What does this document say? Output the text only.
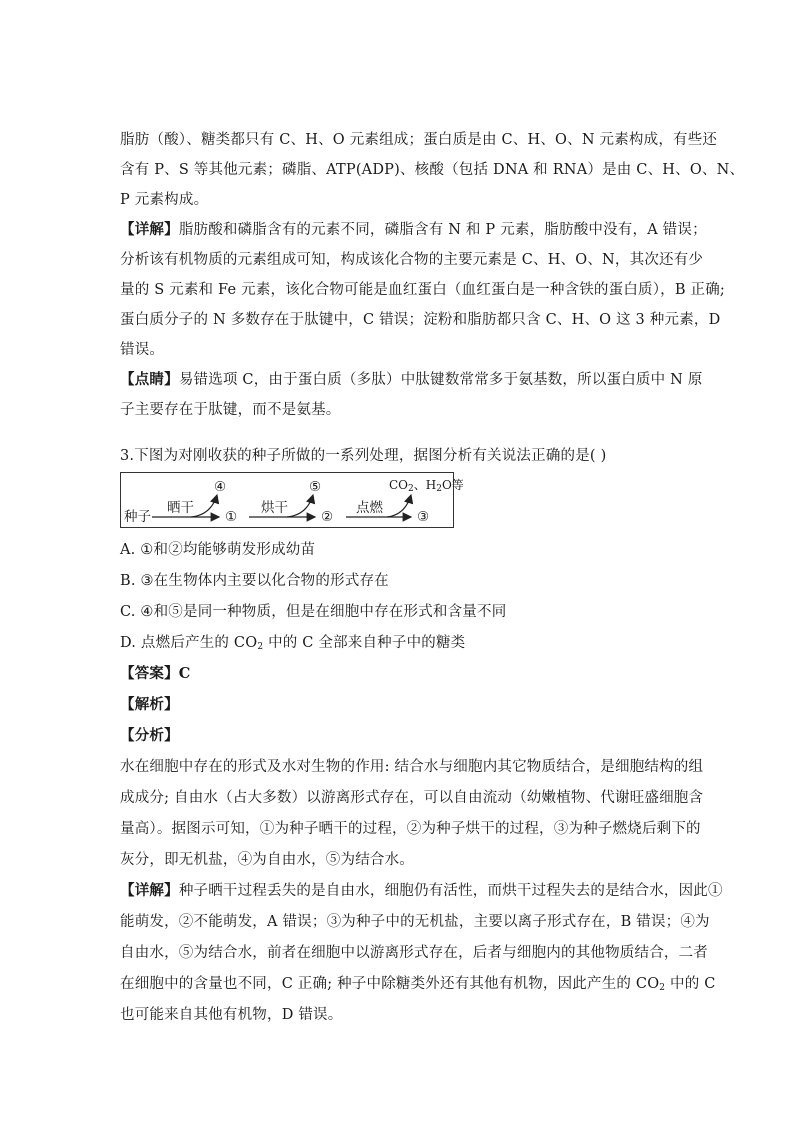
脂肪（酸）、糖类都只有 C、H、O 元素组成；蛋白质是由 C、H、O、N 元素构成，有些还
含有 P、S 等其他元素；磷脂、ATP(ADP)、核酸（包括 DNA 和 RNA）是由 C、H、O、N、
P 元素构成。
【详解】脂肪酸和磷脂含有的元素不同，磷脂含有 N 和 P 元素，脂肪酸中没有，A 错误；
分析该有机物质的元素组成可知，构成该化合物的主要元素是 C、H、O、N，其次还有少
量的 S 元素和 Fe 元素，该化合物可能是血红蛋白（血红蛋白是一种含铁的蛋白质），B 正确;
蛋白质分子的 N 多数存在于肽键中，C 错误；淀粉和脂肪都只含 C、H、O 这 3 种元素，D
错误。
【点睛】易错选项 C，由于蛋白质（多肽）中肽键数常常多于氨基数，所以蛋白质中 N 原
子主要存在于肽键，而不是氨基。
3.下图为对刚收获的种子所做的一系列处理，据图分析有关说法正确的是( )
种子
晒干
①
④
烘干
②
⑤
点燃
③
$CO_2$、$H_2O$等
A. ①和②均能够萌发形成幼苗
B. ③在生物体内主要以化合物的形式存在
C. ④和⑤是同一种物质，但是在细胞中存在形式和含量不同
D. 点燃后产生的 $CO_2$ 中的 C 全部来自种子中的糖类
【答案】C
【解析】
【分析】
水在细胞中存在的形式及水对生物的作用: 结合水与细胞内其它物质结合，是细胞结构的组
成成分; 自由水（占大多数）以游离形式存在，可以自由流动（幼嫩植物、代谢旺盛细胞含
量高）。据图示可知，①为种子晒干的过程，②为种子烘干的过程，③为种子燃烧后剩下的
灰分，即无机盐，④为自由水，⑤为结合水。
【详解】种子晒干过程丢失的是自由水，细胞仍有活性，而烘干过程失去的是结合水，因此①
能萌发，②不能萌发，A 错误；③为种子中的无机盐，主要以离子形式存在，B 错误；④为
自由水，⑤为结合水，前者在细胞中以游离形式存在，后者与细胞内的其他物质结合，二者
在细胞中的含量也不同，C 正确; 种子中除糖类外还有其他有机物，因此产生的 $CO_2$ 中的 C
也可能来自其他有机物，D 错误。
